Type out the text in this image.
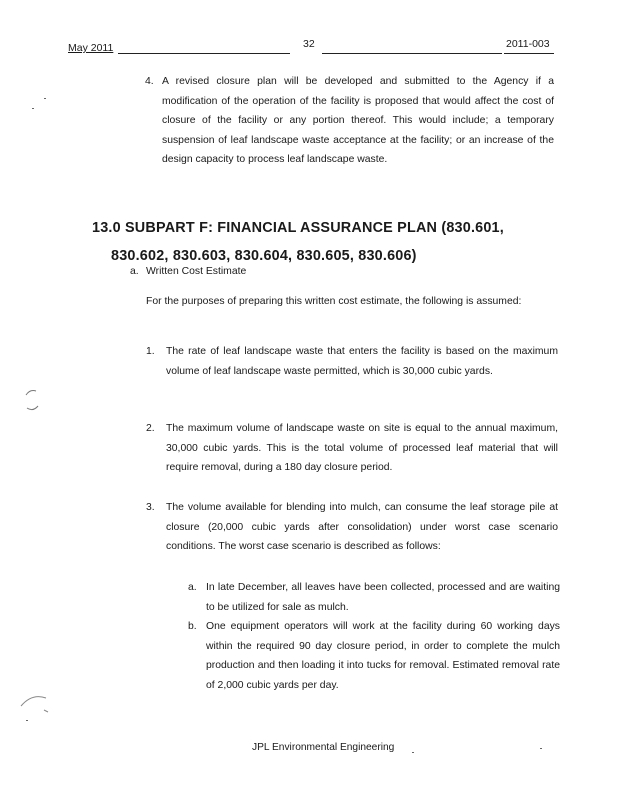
May 2011	32	2011-003
4. A revised closure plan will be developed and submitted to the Agency if a modification of the operation of the facility is proposed that would affect the cost of closure of the facility or any portion thereof. This would include; a temporary suspension of leaf landscape waste acceptance at the facility; or an increase of the design capacity to process leaf landscape waste.
13.0 SUBPART F: FINANCIAL ASSURANCE PLAN (830.601,
830.602, 830.603, 830.604, 830.605, 830.606)
a. Written Cost Estimate
For the purposes of preparing this written cost estimate, the following is assumed:
1. The rate of leaf landscape waste that enters the facility is based on the maximum volume of leaf landscape waste permitted, which is 30,000 cubic yards.
2. The maximum volume of landscape waste on site is equal to the annual maximum, 30,000 cubic yards. This is the total volume of processed leaf material that will require removal, during a 180 day closure period.
3. The volume available for blending into mulch, can consume the leaf storage pile at closure (20,000 cubic yards after consolidation) under worst case scenario conditions. The worst case scenario is described as follows:
a. In late December, all leaves have been collected, processed and are waiting to be utilized for sale as mulch.
b. One equipment operators will work at the facility during 60 working days within the required 90 day closure period, in order to complete the mulch production and then loading it into tucks for removal. Estimated removal rate of 2,000 cubic yards per day.
JPL Environmental Engineering
